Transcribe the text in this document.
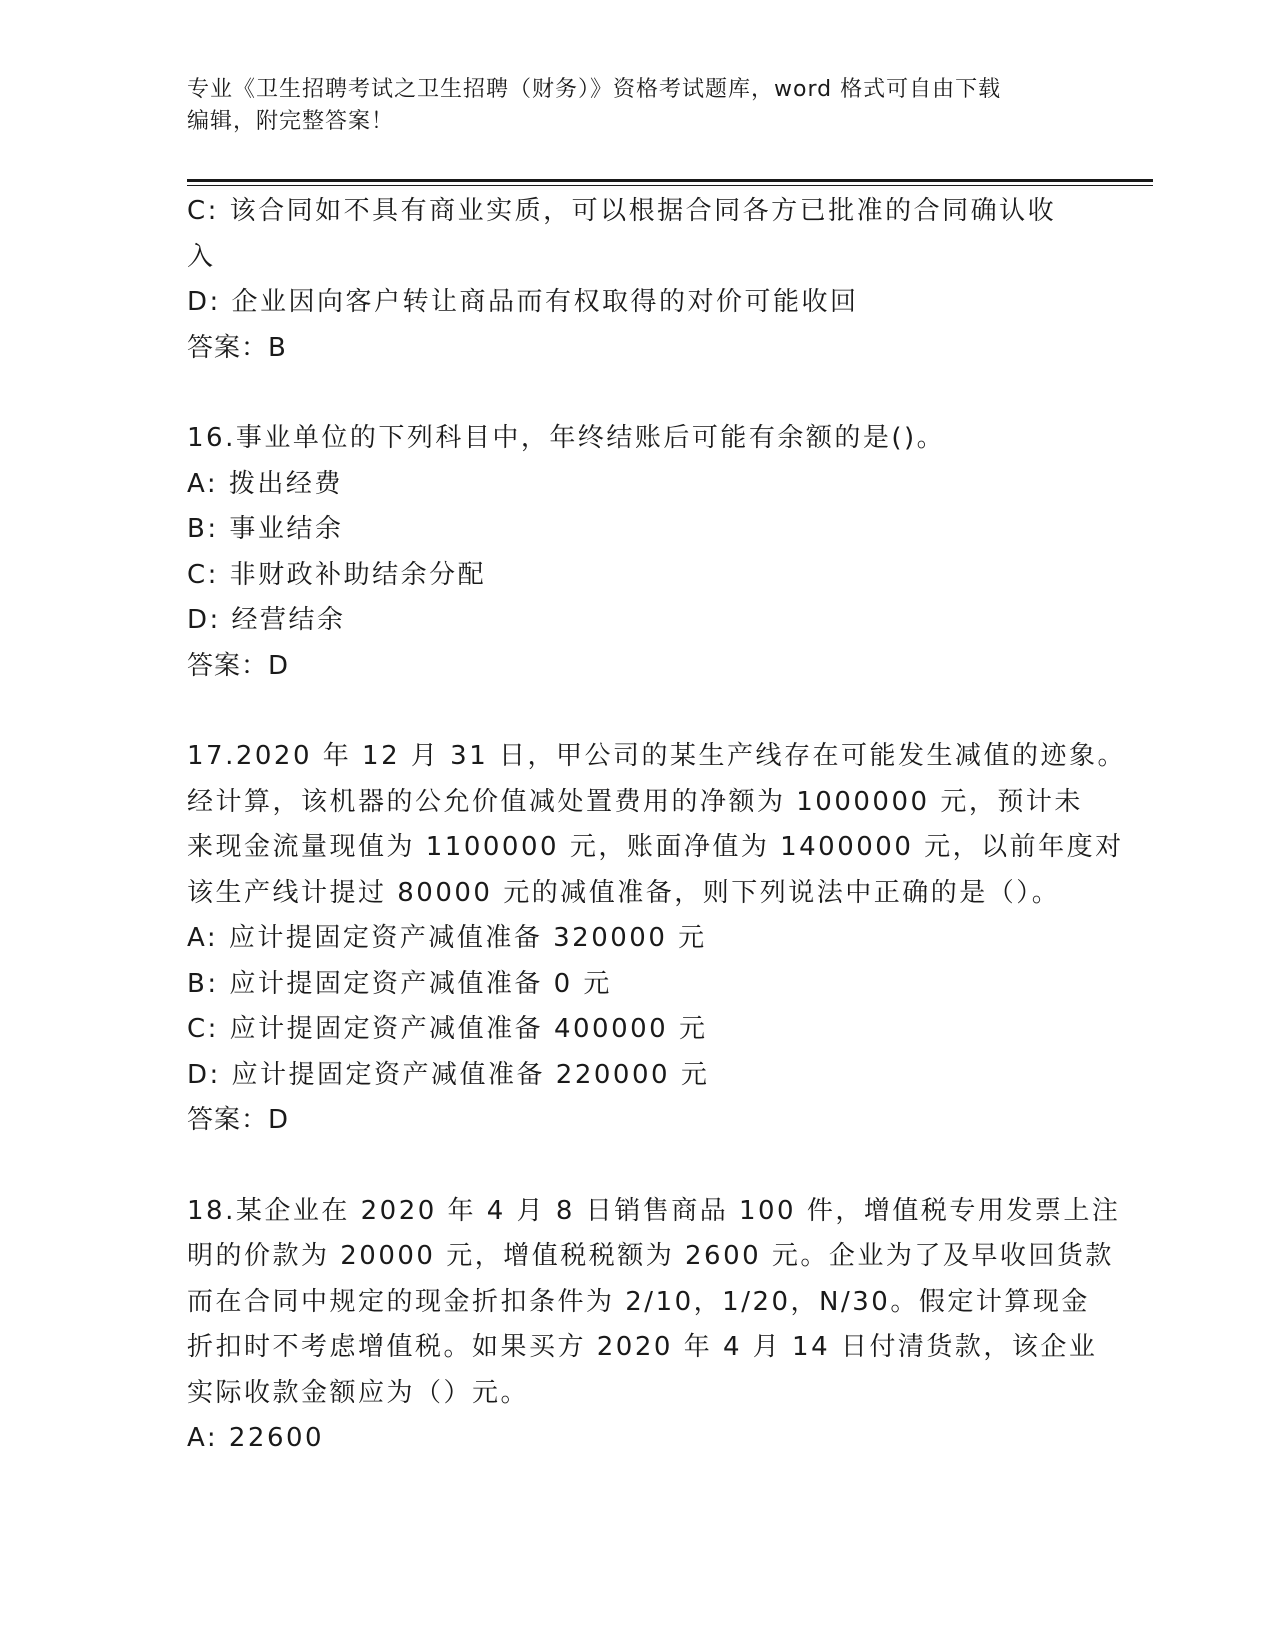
专业《卫生招聘考试之卫生招聘（财务）》资格考试题库，word 格式可自由下载

编辑，附完整答案！

C: 该合同如不具有商业实质，可以根据合同各方已批准的合同确认收

入

D: 企业因向客户转让商品而有权取得的对价可能收回

答案：B

16.事业单位的下列科目中，年终结账后可能有余额的是()。

A: 拨出经费

B: 事业结余

C: 非财政补助结余分配

D: 经营结余

答案：D

17.2020 年 12 月 31 日，甲公司的某生产线存在可能发生减值的迹象。

经计算，该机器的公允价值减处置费用的净额为 1000000 元，预计未

来现金流量现值为 1100000 元，账面净值为 1400000 元，以前年度对

该生产线计提过 80000 元的减值准备，则下列说法中正确的是（）。

A: 应计提固定资产减值准备 320000 元

B: 应计提固定资产减值准备 0 元

C: 应计提固定资产减值准备 400000 元

D: 应计提固定资产减值准备 220000 元

答案：D

18.某企业在 2020 年 4 月 8 日销售商品 100 件，增值税专用发票上注

明的价款为 20000 元，增值税税额为 2600 元。企业为了及早收回货款

而在合同中规定的现金折扣条件为 2/10，1/20，N/30。假定计算现金

折扣时不考虑增值税。如果买方 2020 年 4 月 14 日付清货款，该企业

实际收款金额应为（）元。

A: 22600
